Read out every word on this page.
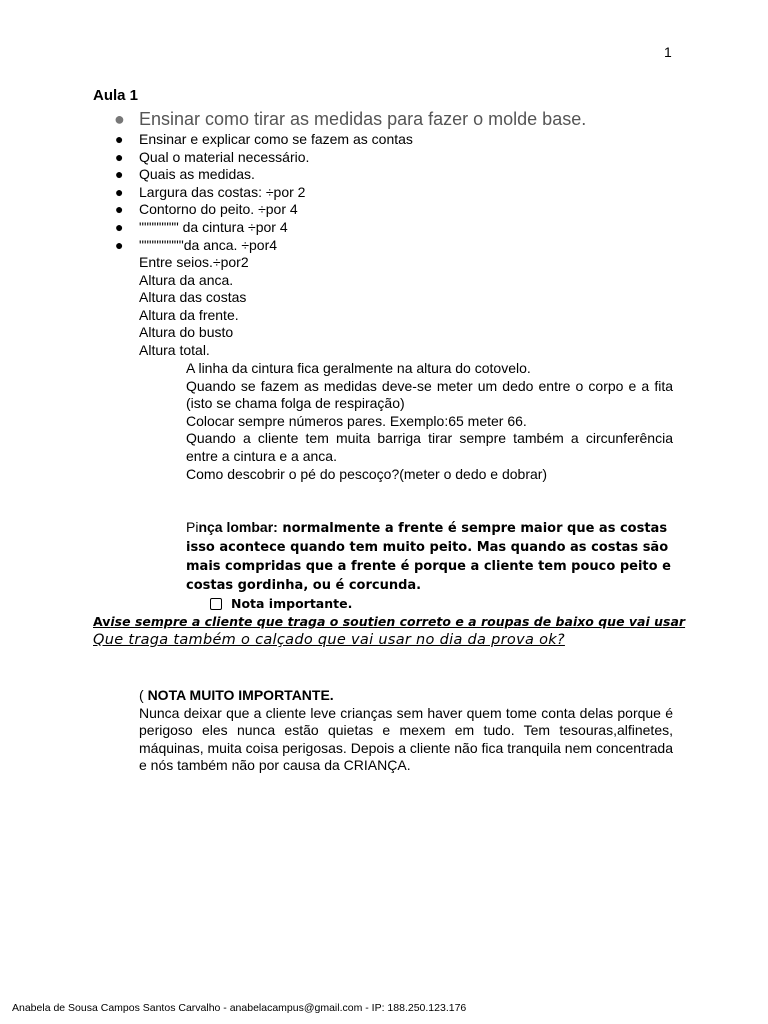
1
Aula 1
● Ensinar como tirar as medidas para fazer o molde base.
● Ensinar e explicar como se fazem as contas
● Qual o material necessário.
● Quais as medidas.
● Largura das costas: ÷por 2
● Contorno do peito. ÷por 4
● """""""" da cintura ÷por 4
● """""""""da anca. ÷por4
Entre seios.÷por2
Altura da anca.
Altura das costas
Altura da frente.
Altura do busto
Altura total.

A linha da cintura fica geralmente na altura do cotovelo.

Quando se fazem as medidas deve-se meter um dedo entre o corpo e a fita (isto se chama folga de respiração)

Colocar sempre números pares. Exemplo:65 meter 66.

Quando a cliente tem muita barriga tirar sempre também a circunferência entre a cintura e a anca.

Como descobrir o pé do pescoço?(meter o dedo e dobrar)

Pinça lombar: normalmente a frente é sempre maior que as costas isso acontece quando tem muito peito. Mas quando as costas são mais compridas que a frente é porque a cliente tem pouco peito e costas gordinha, ou é corcunda.
Nota importante.
Avise sempre a cliente que traga o soutien correto e a roupas de baixo que vai usar
Que traga também o calçado que vai usar no dia da prova ok?

( NOTA MUITO IMPORTANTE.

Nunca deixar que a cliente leve crianças sem haver quem tome conta delas porque é perigoso eles nunca estão quietas e mexem em tudo. Tem tesouras,alfinetes, máquinas, muita coisa perigosas. Depois a cliente não fica tranquila nem concentrada e nós também não por causa da CRIANÇA.

Anabela de Sousa Campos Santos Carvalho - anabelacampus@gmail.com - IP: 188.250.123.176
